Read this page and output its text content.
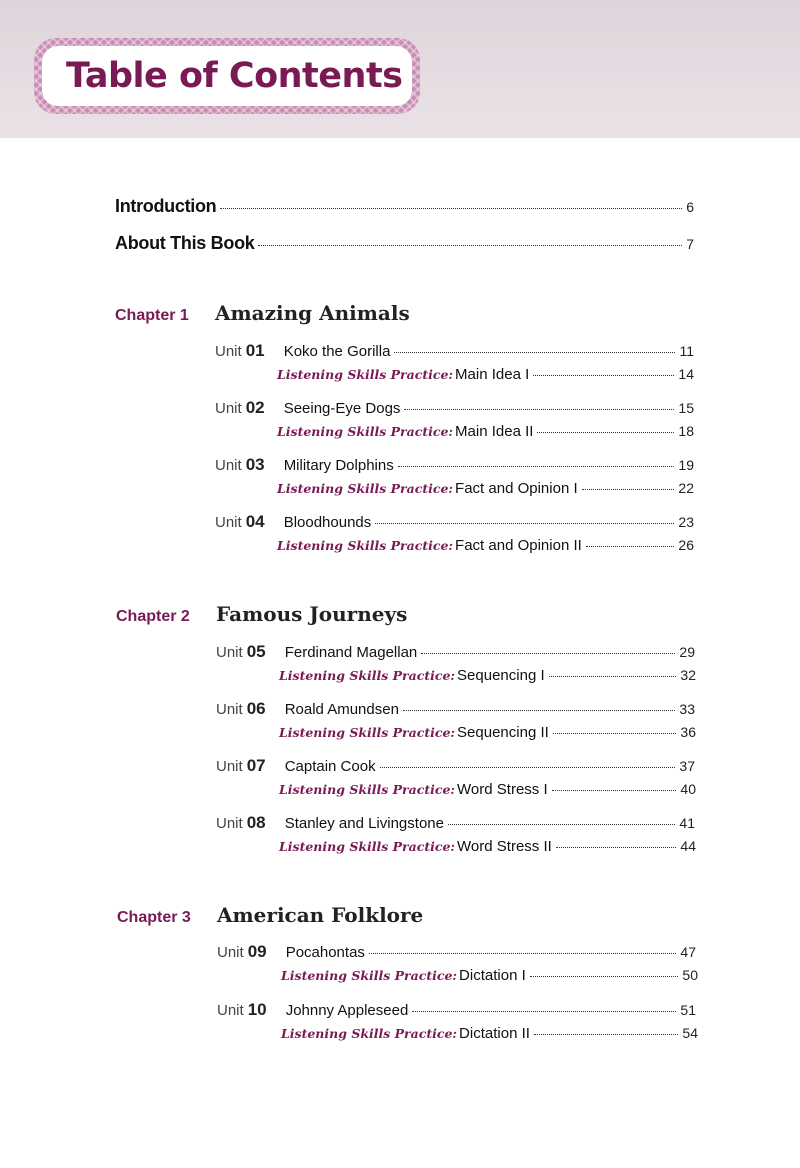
Table of Contents
Introduction	6
About This Book	7
Chapter 1	Amazing Animals
Unit 01	Koko the Gorilla	11
Listening Skills Practice: Main Idea I	14
Unit 02	Seeing-Eye Dogs	15
Listening Skills Practice: Main Idea II	18
Unit 03	Military Dolphins	19
Listening Skills Practice: Fact and Opinion I	22
Unit 04	Bloodhounds	23
Listening Skills Practice: Fact and Opinion II	26
Chapter 2	Famous Journeys
Unit 05	Ferdinand Magellan	29
Listening Skills Practice: Sequencing I	32
Unit 06	Roald Amundsen	33
Listening Skills Practice: Sequencing II	36
Unit 07	Captain Cook	37
Listening Skills Practice: Word Stress I	40
Unit 08	Stanley and Livingstone	41
Listening Skills Practice: Word Stress II	44
Chapter 3	American Folklore
Unit 09	Pocahontas	47
Listening Skills Practice: Dictation I	50
Unit 10	Johnny Appleseed	51
Listening Skills Practice: Dictation II	54
